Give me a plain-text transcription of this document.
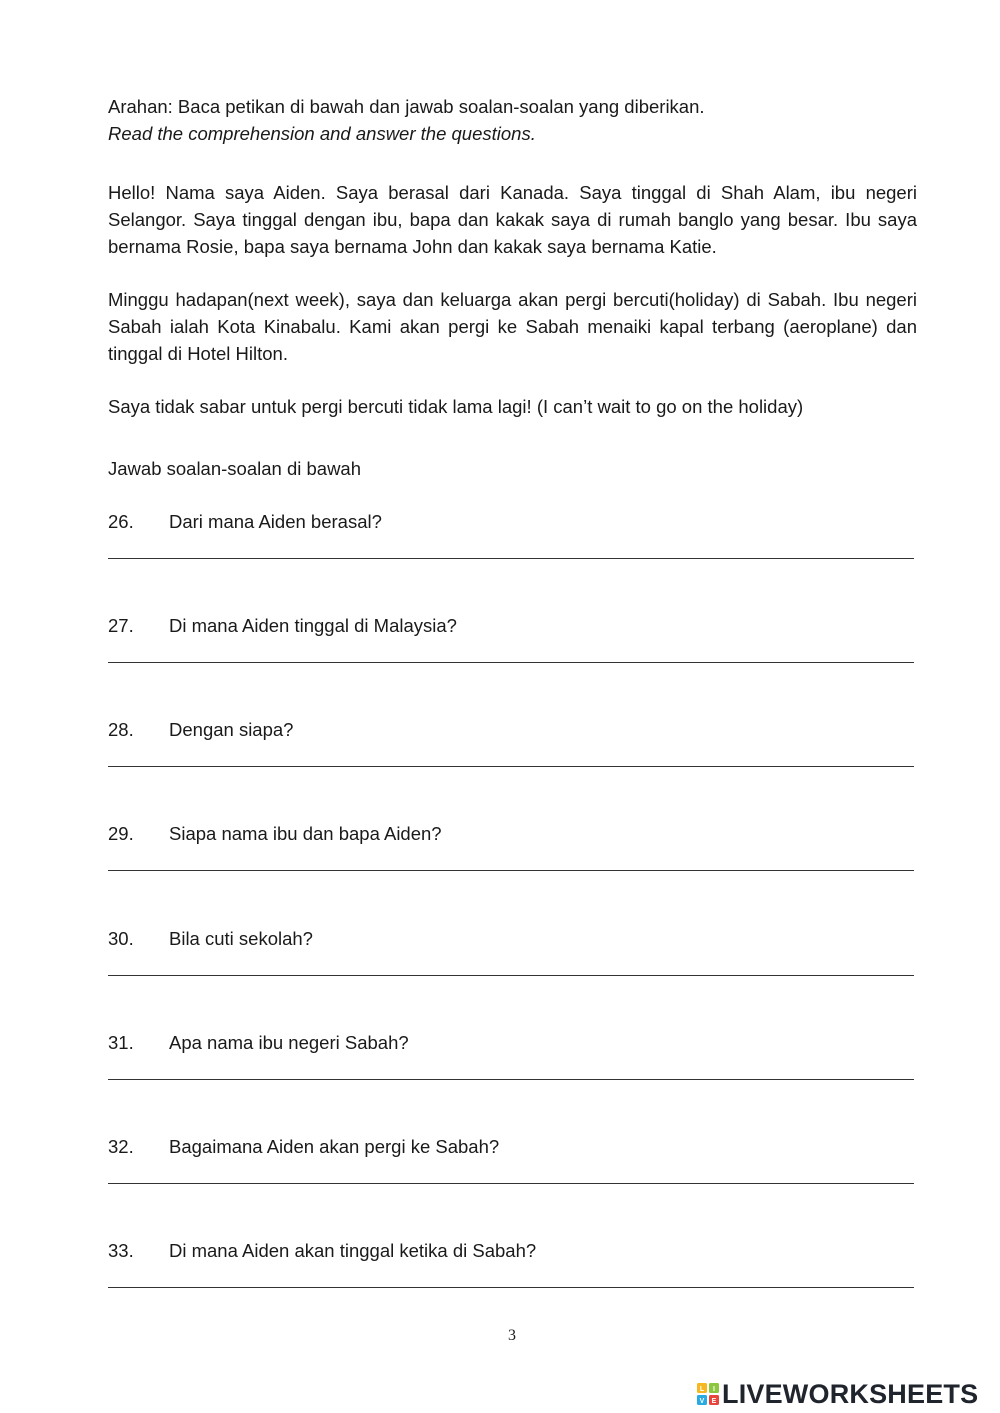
Arahan: Baca petikan di bawah dan jawab soalan-soalan yang diberikan.
Read the comprehension and answer the questions.

Hello! Nama saya Aiden. Saya berasal dari Kanada. Saya tinggal di Shah Alam, ibu negeri Selangor. Saya tinggal dengan ibu, bapa dan kakak saya di rumah banglo yang besar. Ibu saya bernama Rosie, bapa saya bernama John dan kakak saya bernama Katie.

Minggu hadapan(next week), saya dan keluarga akan pergi bercuti(holiday) di Sabah. Ibu negeri Sabah ialah Kota Kinabalu. Kami akan pergi ke Sabah menaiki kapal terbang (aeroplane) dan tinggal di Hotel Hilton.

Saya tidak sabar untuk pergi bercuti tidak lama lagi! (I can’t wait to go on the holiday)

Jawab soalan-soalan di bawah
26. Dari mana Aiden berasal?
27. Di mana Aiden tinggal di Malaysia?
28. Dengan siapa?
29. Siapa nama ibu dan bapa Aiden?
30. Bila cuti sekolah?
31. Apa nama ibu negeri Sabah?
32. Bagaimana Aiden akan pergi ke Sabah?
33. Di mana Aiden akan tinggal ketika di Sabah?
3
L I
V E LIVEWORKSHEETS
